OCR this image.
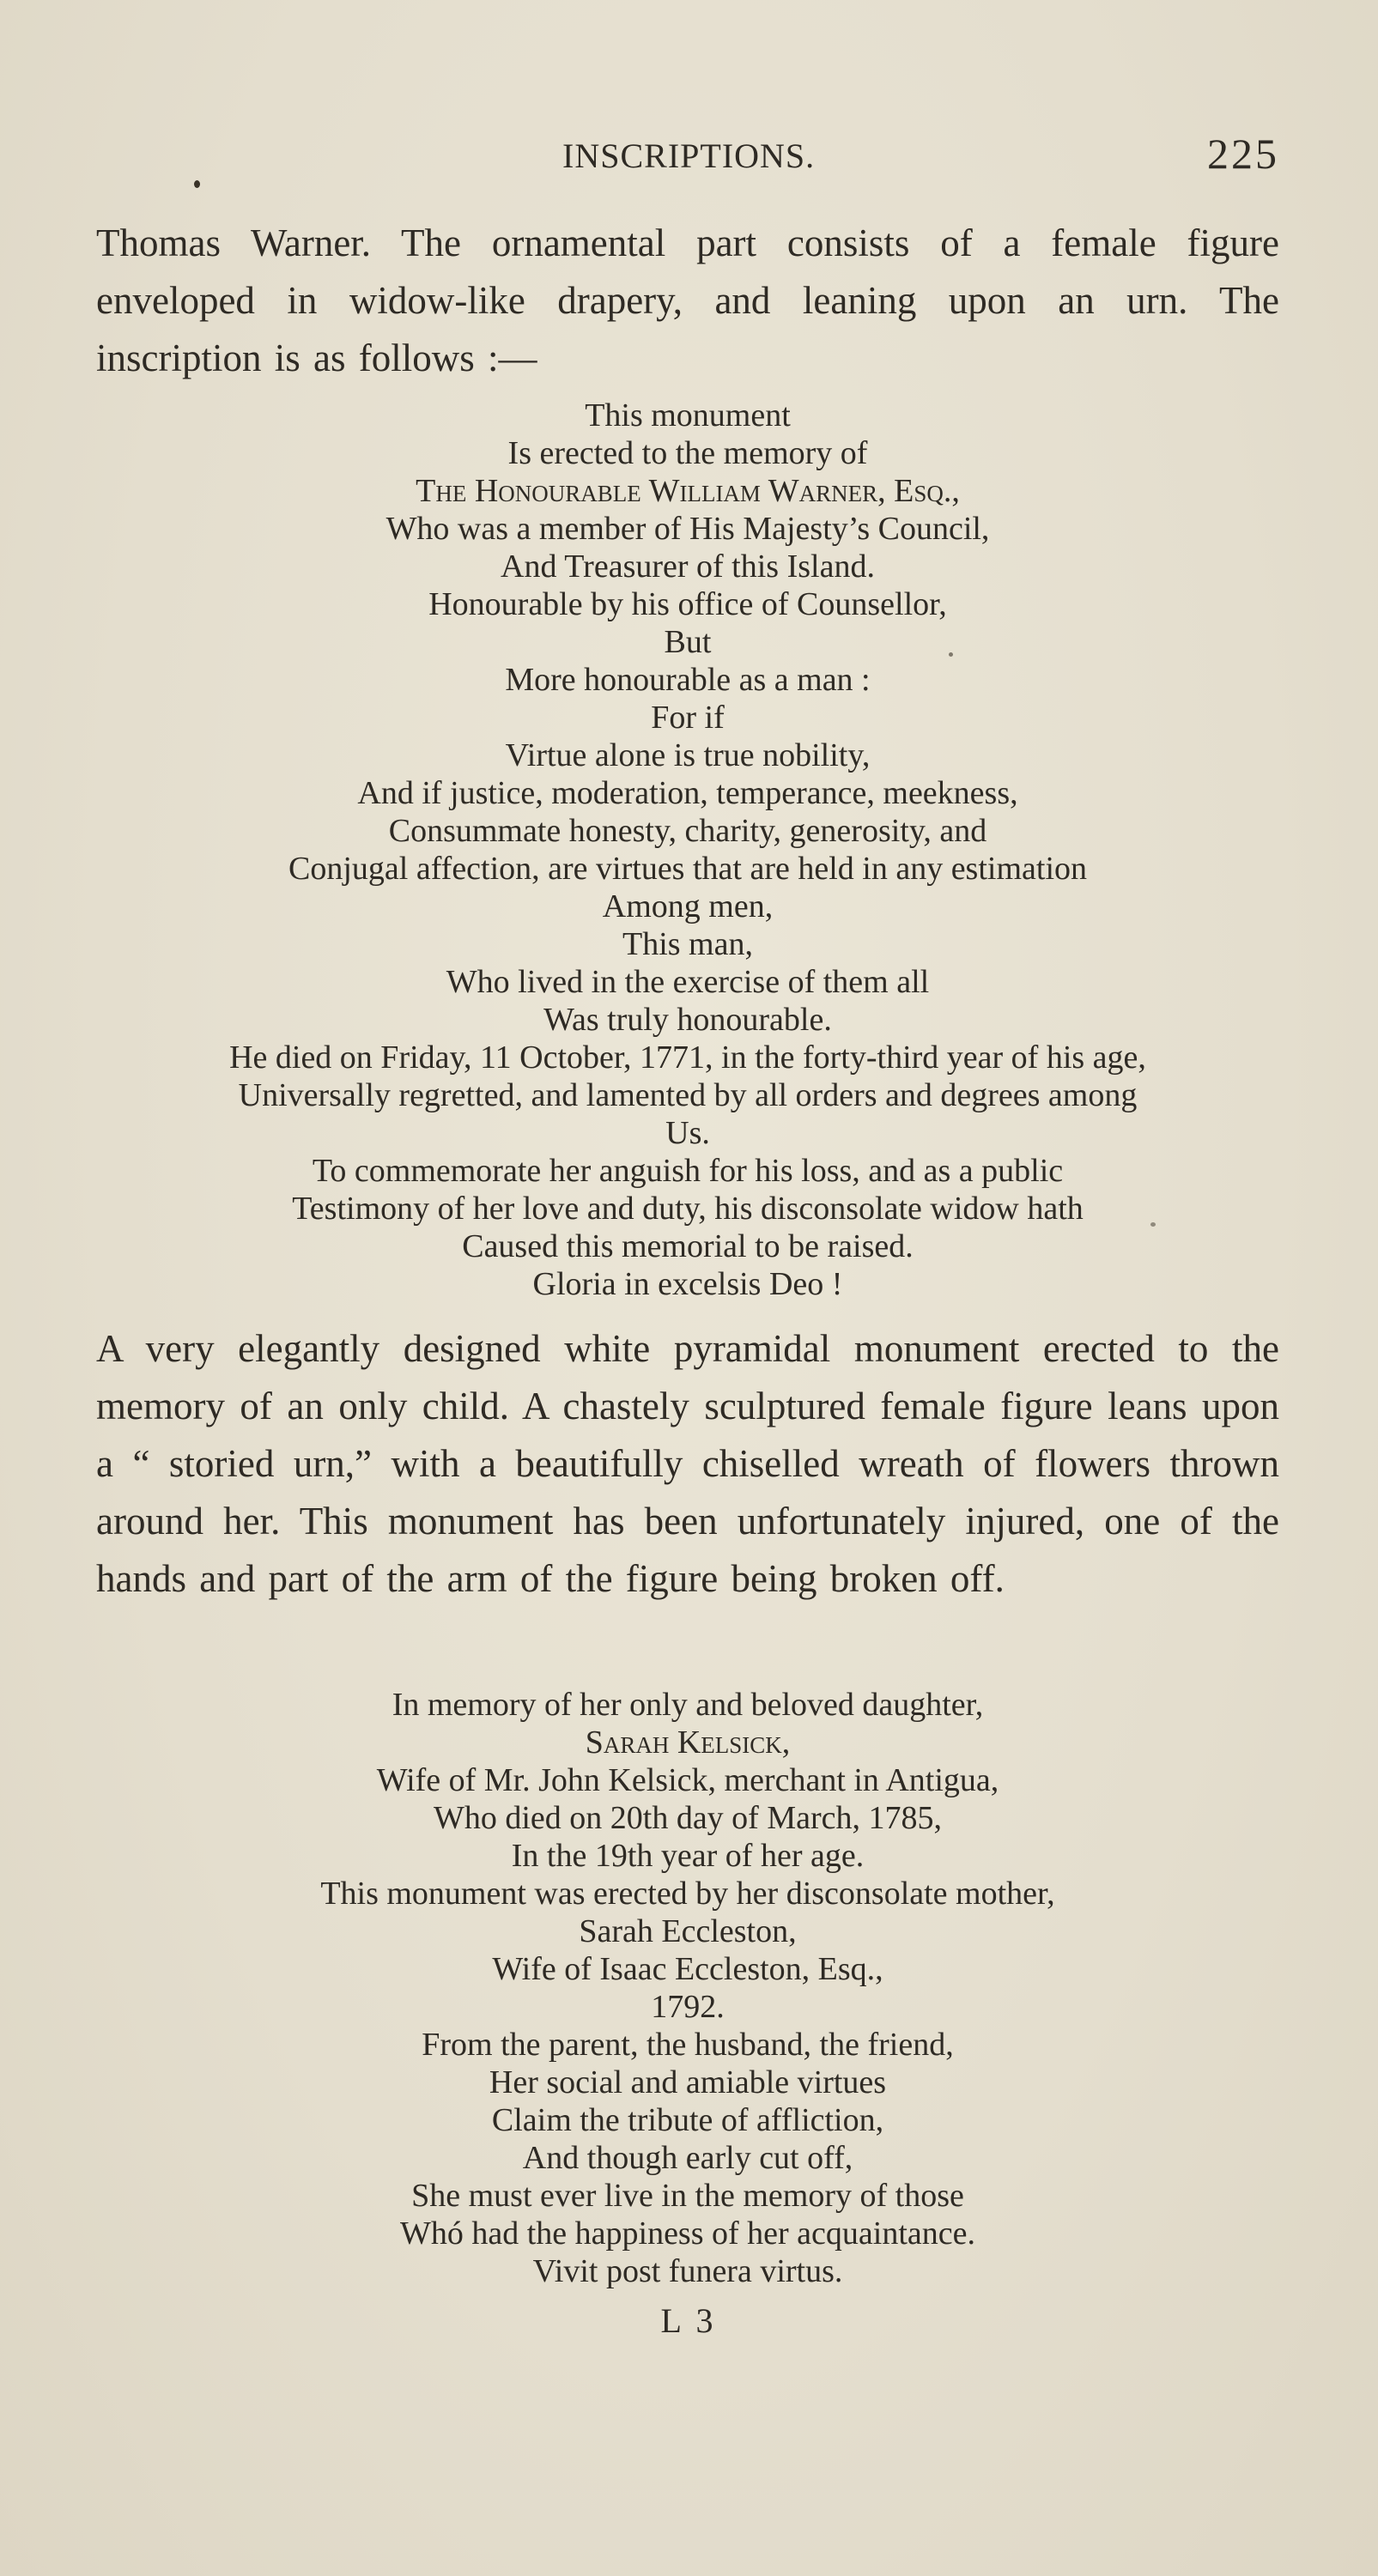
INSCRIPTIONS.	225

Thomas Warner. The ornamental part consists of a female figure enveloped in widow-like drapery, and leaning upon an urn. The inscription is as follows :—

This monument
Is erected to the memory of
The Honourable William Warner, Esq.,
Who was a member of His Majesty’s Council,
And Treasurer of this Island.
Honourable by his office of Counsellor,
But
More honourable as a man :
For if
Virtue alone is true nobility,
And if justice, moderation, temperance, meekness,
Consummate honesty, charity, generosity, and
Conjugal affection, are virtues that are held in any estimation
Among men,
This man,
Who lived in the exercise of them all
Was truly honourable.
He died on Friday, 11 October, 1771, in the forty-third year of his age,
Universally regretted, and lamented by all orders and degrees among
Us.
To commemorate her anguish for his loss, and as a public
Testimony of her love and duty, his disconsolate widow hath
Caused this memorial to be raised.
Gloria in excelsis Deo !

A very elegantly designed white pyramidal monument erected to the memory of an only child. A chastely sculptured female figure leans upon a “ storied urn,” with a beautifully chiselled wreath of flowers thrown around her. This monument has been unfortunately injured, one of the hands and part of the arm of the figure being broken off.

In memory of her only and beloved daughter,
Sarah Kelsick,
Wife of Mr. John Kelsick, merchant in Antigua,
Who died on 20th day of March, 1785,
In the 19th year of her age.
This monument was erected by her disconsolate mother,
Sarah Eccleston,
Wife of Isaac Eccleston, Esq.,
1792.
From the parent, the husband, the friend,
Her social and amiable virtues
Claim the tribute of affliction,
And though early cut off,
She must ever live in the memory of those
Whó had the happiness of her acquaintance.
Vivit post funera virtus.
L 3
